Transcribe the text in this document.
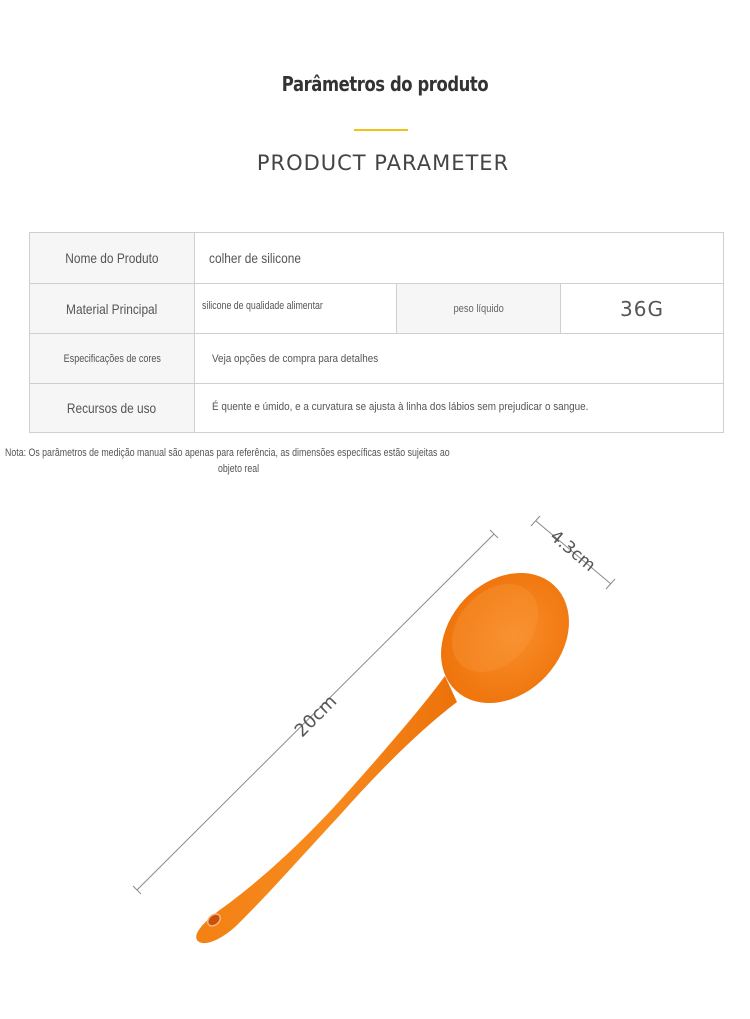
Parâmetros do produto
PRODUCT PARAMETER
Nome do Produto	colher de silicone
Material Principal	silicone de qualidade alimentar	peso líquido	36G
Especificações de cores	Veja opções de compra para detalhes
Recursos de uso	É quente e úmido, e a curvatura se ajusta à linha dos lábios sem prejudicar o sangue.
Nota: Os parâmetros de medição manual são apenas para referência, as dimensões específicas estão sujeitas ao
objeto real
20cm
4.3cm
